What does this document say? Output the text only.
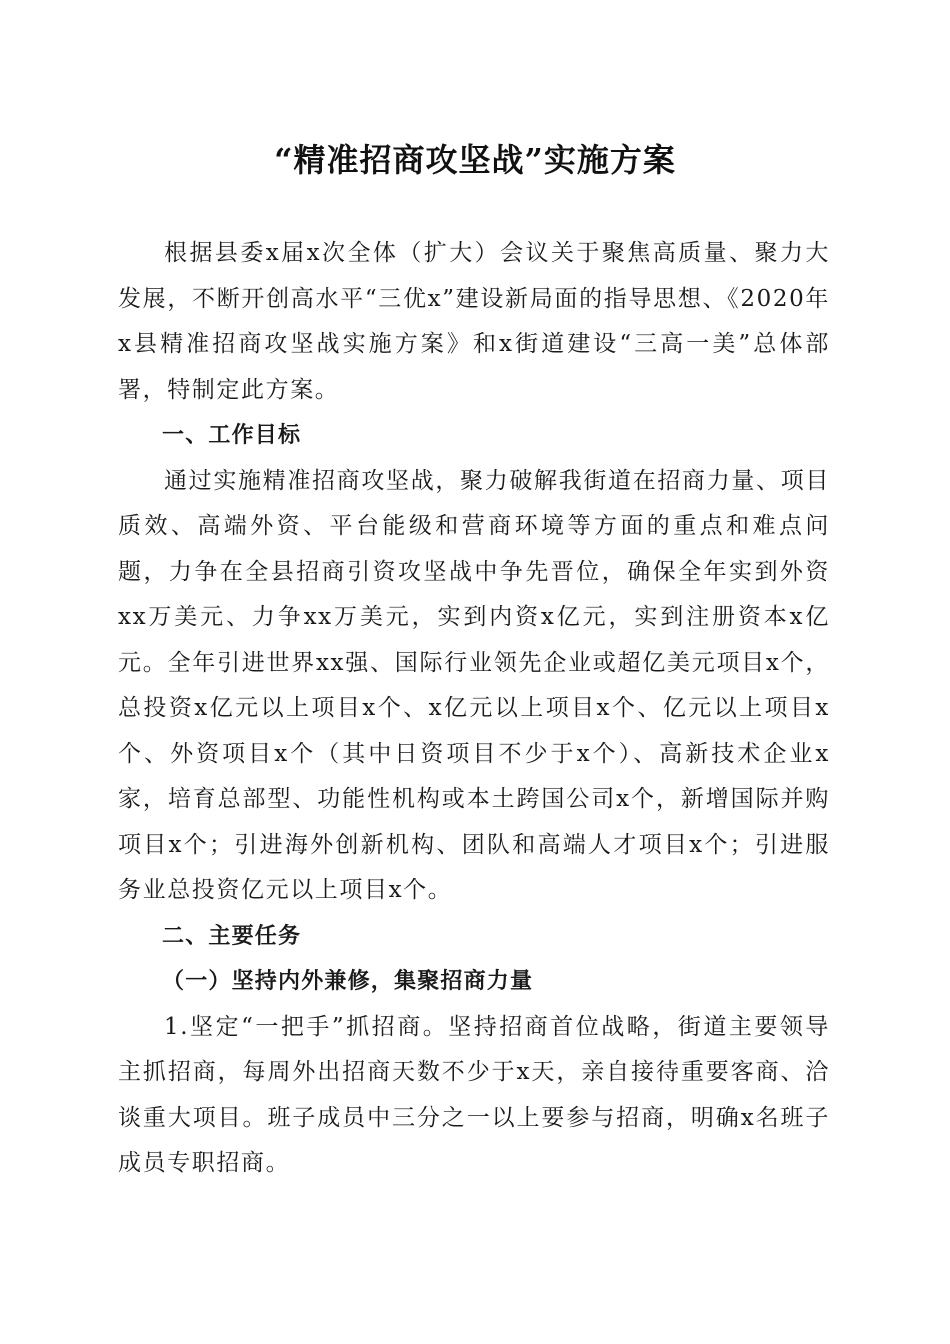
“精准招商攻坚战”实施方案

根据县委x届x次全体（扩大）会议关于聚焦高质量、聚力大发展，不断开创高水平“三优x”建设新局面的指导思想、《2020年x县精准招商攻坚战实施方案》和x街道建设“三高一美”总体部署，特制定此方案。

一、工作目标

通过实施精准招商攻坚战，聚力破解我街道在招商力量、项目质效、高端外资、平台能级和营商环境等方面的重点和难点问题，力争在全县招商引资攻坚战中争先晋位，确保全年实到外资xx万美元、力争xx万美元，实到内资x亿元，实到注册资本x亿元。全年引进世界xx强、国际行业领先企业或超亿美元项目x个，总投资x亿元以上项目x个、x亿元以上项目x个、亿元以上项目x个、外资项目x个（其中日资项目不少于x个）、高新技术企业x家，培育总部型、功能性机构或本土跨国公司x个，新增国际并购项目x个；引进海外创新机构、团队和高端人才项目x个；引进服务业总投资亿元以上项目x个。

二、主要任务

（一）坚持内外兼修，集聚招商力量

1.坚定“一把手”抓招商。坚持招商首位战略，街道主要领导主抓招商，每周外出招商天数不少于x天，亲自接待重要客商、洽谈重大项目。班子成员中三分之一以上要参与招商，明确x名班子成员专职招商。
